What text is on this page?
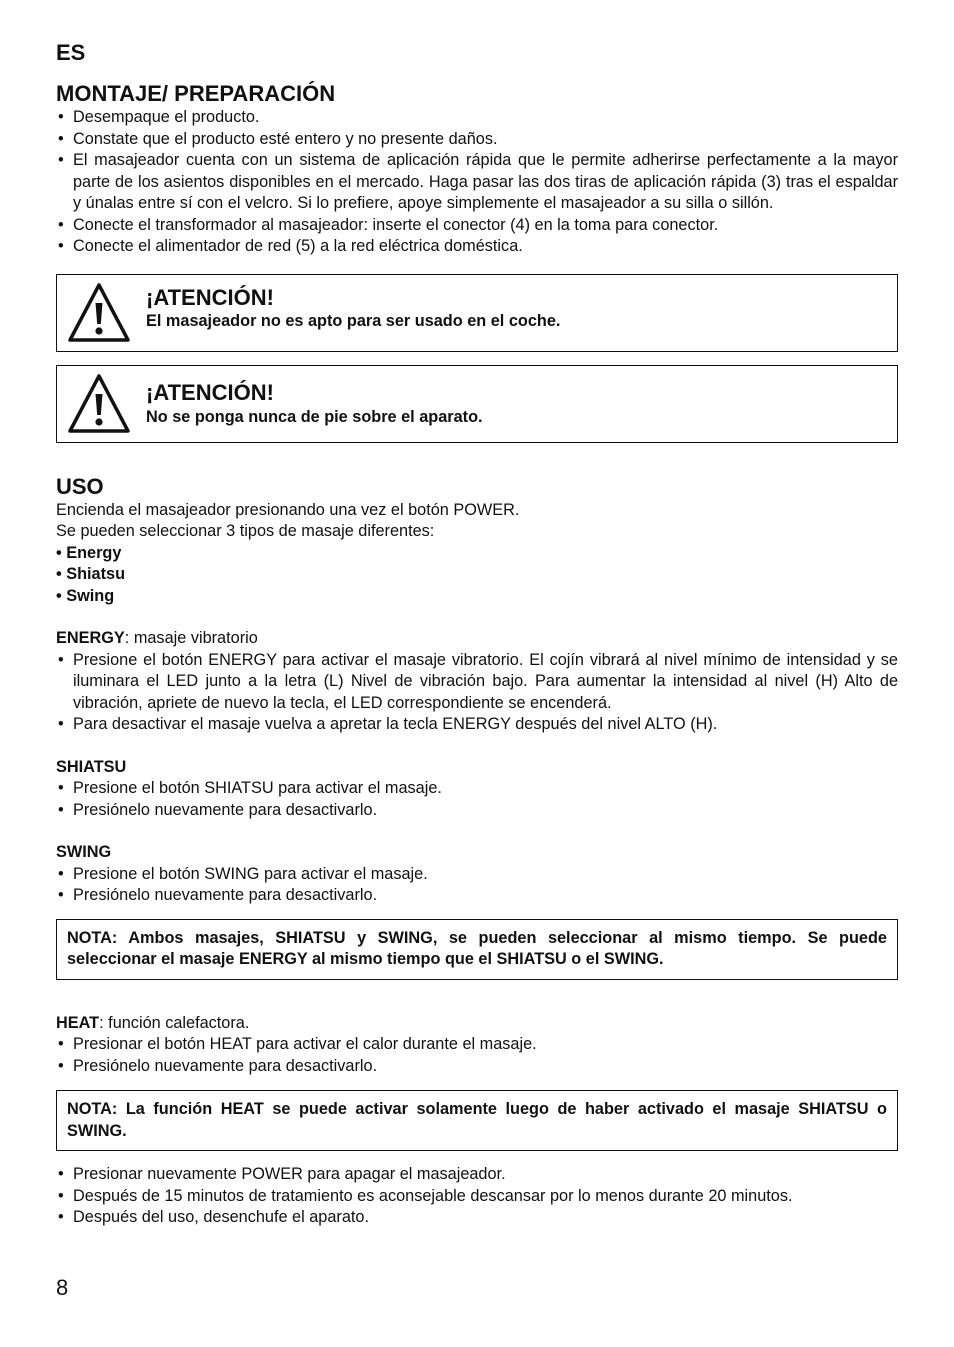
ES
MONTAJE/ PREPARACIÓN
• Desempaque el producto.
• Constate que el producto esté entero y no presente daños.
• El masajeador cuenta con un sistema de aplicación rápida que le permite adherirse perfectamente a la mayor parte de los asientos disponibles en el mercado. Haga pasar las dos tiras de aplicación rápida (3) tras el espaldar y únalas entre sí con el velcro. Si lo prefiere, apoye simplemente el masajeador a su silla o sillón.
• Conecte el transformador al masajeador: inserte el conector (4) en la toma para conector.
• Conecte el alimentador de red (5) a la red eléctrica doméstica.
¡ATENCIÓN!
El masajeador no es apto para ser usado en el coche.
¡ATENCIÓN!
No se ponga nunca de pie sobre el aparato.
USO

Encienda el masajeador presionando una vez el botón POWER.

Se pueden seleccionar 3 tipos de masaje diferentes:

• Energy
• Shiatsu
• Swing

ENERGY: masaje vibratorio

• Presione el botón ENERGY para activar el masaje vibratorio. El cojín vibrará al nivel mínimo de intensidad y se iluminara el LED junto a la letra (L) Nivel de vibración bajo. Para aumentar la intensidad al nivel (H) Alto de vibración, apriete de nuevo la tecla, el LED correspondiente se encenderá.
• Para desactivar el masaje vuelva a apretar la tecla ENERGY después del nivel ALTO (H).

SHIATSU

• Presione el botón SHIATSU para activar el masaje.
• Presiónelo nuevamente para desactivarlo.

SWING

• Presione el botón SWING para activar el masaje.
• Presiónelo nuevamente para desactivarlo.
NOTA: Ambos masajes, SHIATSU y SWING, se pueden seleccionar al mismo tiempo. Se puede seleccionar el masaje ENERGY al mismo tiempo que el SHIATSU o el SWING.

HEAT: función calefactora.

• Presionar el botón HEAT para activar el calor durante el masaje.
• Presiónelo nuevamente para desactivarlo.
NOTA: La función HEAT se puede activar solamente luego de haber activado el masaje SHIATSU o SWING.
• Presionar nuevamente POWER para apagar el masajeador.
• Después de 15 minutos de tratamiento es aconsejable descansar por lo menos durante 20 minutos.
• Después del uso, desenchufe el aparato.
8
